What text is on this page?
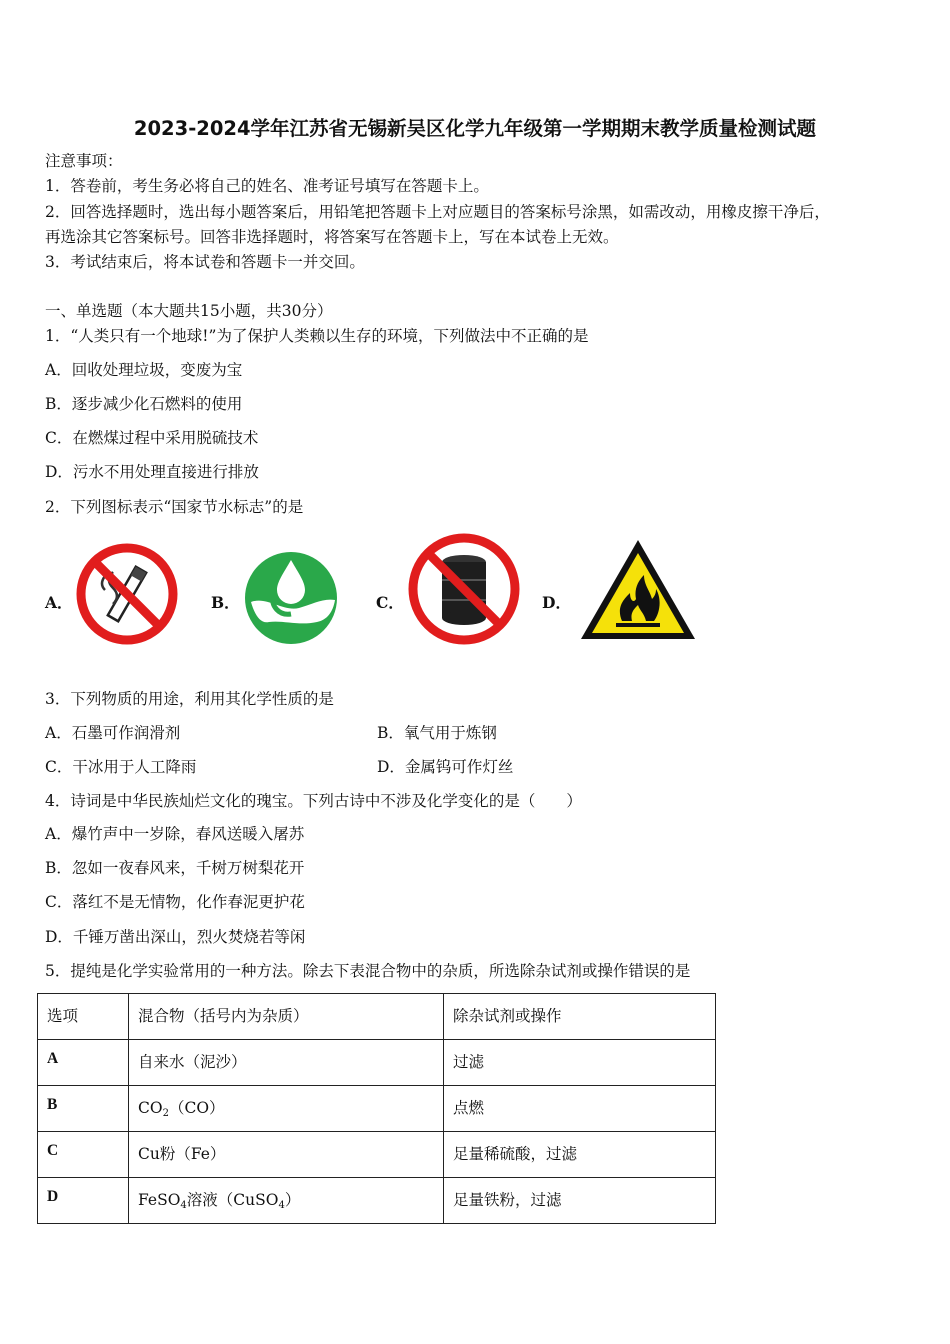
2023-2024学年江苏省无锡新吴区化学九年级第一学期期末教学质量检测试题
注意事项：
1．答卷前，考生务必将自己的姓名、准考证号填写在答题卡上。
2．回答选择题时，选出每小题答案后，用铅笔把答题卡上对应题目的答案标号涂黑，如需改动，用橡皮擦干净后，
再选涂其它答案标号。回答非选择题时，将答案写在答题卡上，写在本试卷上无效。
3．考试结束后，将本试卷和答题卡一并交回。
一、单选题（本大题共15小题，共30分）
1．“人类只有一个地球!”为了保护人类赖以生存的环境，下列做法中不正确的是
A．回收处理垃圾，变废为宝
B．逐步减少化石燃料的使用
C．在燃煤过程中采用脱硫技术
D．污水不用处理直接进行排放
2．下列图标表示“国家节水标志”的是
A．	B．	C．	D．
3．下列物质的用途，利用其化学性质的是
A．石墨可作润滑剂	B．氧气用于炼钢
C．干冰用于人工降雨	D．金属钨可作灯丝
4．诗词是中华民族灿烂文化的瑰宝。下列古诗中不涉及化学变化的是（　　）
A．爆竹声中一岁除，春风送暖入屠苏
B．忽如一夜春风来，千树万树梨花开
C．落红不是无情物，化作春泥更护花
D．千锤万凿出深山，烈火焚烧若等闲
5．提纯是化学实验常用的一种方法。除去下表混合物中的杂质，所选除杂试剂或操作错误的是
选项	混合物（括号内为杂质）	除杂试剂或操作
A	自来水（泥沙）	过滤
B	$CO_2(CO)$	点燃
C	Cu粉（Fe）	足量稀硫酸，过滤
D	FeSO$_4$溶液（CuSO$_4$）	足量铁粉，过滤
